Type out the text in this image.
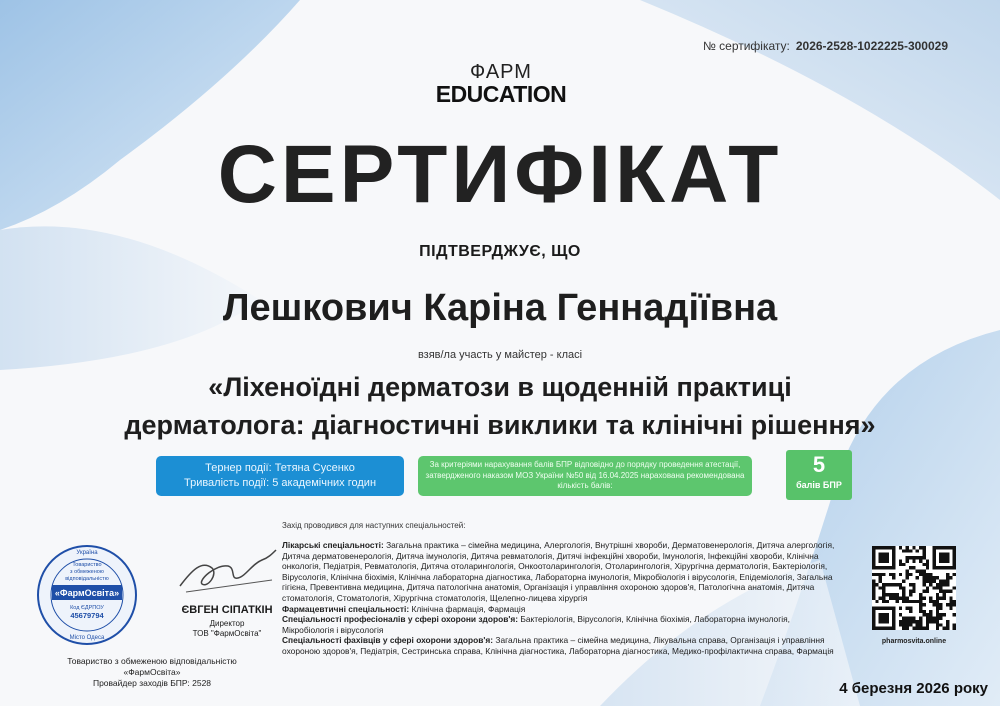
№ сертифікату: 2026-2528-1022225-300029
ФАРМ
EDUCATION
СЕРТИФІКАТ
ПІДТВЕРДЖУЄ, ЩО
Лешкович Каріна Геннадіївна
взяв/ла участь у майстер - класі
«Ліхеноїдні дерматози в щоденній практиці
дерматолога: діагностичні виклики та клінічні рішення»
Тернер події: Тетяна Сусенко
Тривалість події: 5 академічних годин
За критеріями нарахування балів БПР відповідно до порядку проведення атестації, затвердженого наказом МОЗ України №50 від 16.04.2025 нарахована рекомендована кількість балів:
5
балів БПР
Захід проводився для наступних спеціальностей:
Лікарські спеціальності: Загальна практика – сімейна медицина, Алергологія, Внутрішні хвороби, Дерматовенерологія, Дитяча алергологія, Дитяча дерматовенерологія, Дитяча імунологія, Дитяча ревматологія, Дитячі інфекційні хвороби, Імунологія, Інфекційні хвороби, Клінічна онкологія, Педіатрія, Ревматологія, Дитяча отоларингологія, Онкоотоларингологія, Отоларингологія, Хірургічна дерматологія, Бактеріологія, Вірусологія, Клінічна біохімія, Клінічна лабораторна діагностика, Лабораторна імунологія, Мікробіологія і вірусологія, Епідеміологія, Загальна гігієна, Превентивна медицина, Дитяча патологічна анатомія, Організація і управління охороною здоров'я, Патологічна анатомія, Дитяча стоматологія, Стоматологія, Хірургічна стоматологія, Щелепно-лицева хірургія
Фармацевтичні спеціальності: Клінічна фармація, Фармація
Спеціальності професіоналів у сфері охорони здоров'я: Бактеріологія, Вірусологія, Клінічна біохімія, Лабораторна імунологія, Мікробіологія і вірусологія
Спеціальності фахівців у сфері охорони здоров'я: Загальна практика – сімейна медицина, Лікувальна справа, Організація і управління охороною здоров'я, Педіатрія, Сестринська справа, Клінічна діагностика, Лабораторна діагностика, Медико-профілактична справа, Фармація
Україна
Товариство
з обмеженою
відповідальністю
«ФармОсвіта»
Код ЄДРПОУ
45679794
Місто Одеса
ЄВГЕН СІПАТКІН
Директор
ТОВ "ФармОсвіта"
Товариство з обмеженою відповідальністю
«ФармОсвіта»
Провайдер заходів БПР: 2528
pharmosvita.online
4 березня 2026 року
